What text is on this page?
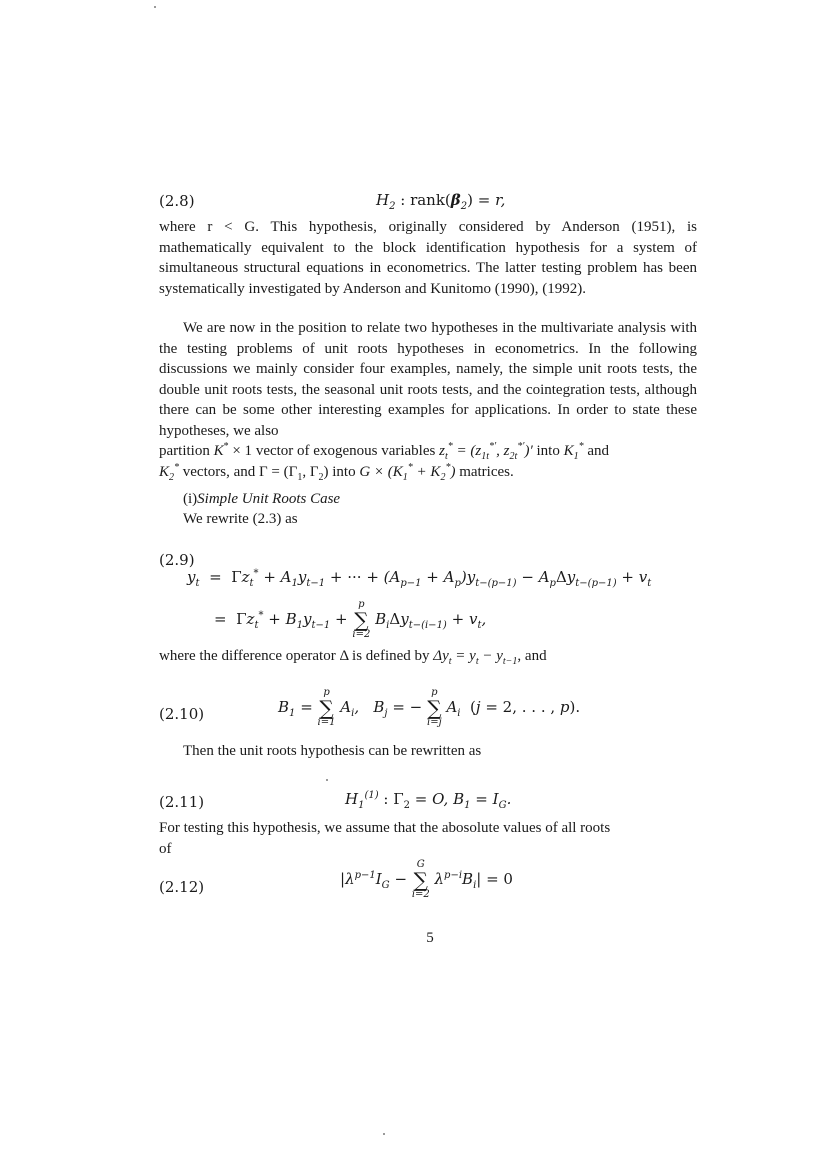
(2.8)	$H_2$ : $rank(\beta_2) = r$,
where r < G. This hypothesis, originally considered by Anderson (1951), is mathematically equivalent to the block identification hypothesis for a system of simultaneous structural equations in econometrics. The latter testing problem has been systematically investigated by Anderson and Kunitomo (1990), (1992).
We are now in the position to relate two hypotheses in the multivariate analysis with the testing problems of unit roots hypotheses in econometrics. In the following discussions we mainly consider four examples, namely, the simple unit roots tests, the double unit roots tests, the seasonal unit roots tests, and the cointegration tests, although there can be some other interesting examples for applications. In order to state these hypotheses, we also
partition K* × 1 vector of exogenous variables $z_t^* = (z_{1t}^{*'}$, $z_{2t}^{*'})'$ into $K_1^*$ and
$K_2^*$ vectors, and $\Gamma = (\Gamma_1$, $\Gamma_2$) into $G \times (K_1^* + K_2^*)$ matrices.
(i)Simple Unit Roots Case
We rewrite (2.3) as
(2.9)
$y_t = \Gamma z_t^* + A_1y_{t-1}$ + ··· + $(A_{p-1} + A_p)y_{t-(p-1)} - A_p\Delta y_{t-(p-1)} + v_t$
= $\Gamma z_t^* + B_1y_{t-1}$ +
p
∑
i=2
$B_i\Delta y_{t-(i-1)} + v_t$,
where the difference operator Δ is defined by $\Delta y_t = y_t - y_{t-1}$, and
(2.10)	$B_1$ =
p
∑
i=1
$A_i$,   $B_j$ = −
p
∑
i=j
$A_i$ (j = 2, . . . , p).
Then the unit roots hypothesis can be rewritten as
(2.11)	$H_1^{(1)}$ : $\Gamma_2 = O$, $B_1 = I_G$.
For testing this hypothesis, we assume that the abosolute values of all roots
of
(2.12)	$|\lambda^{p-1}I_G$ −
G
∑
i=2
$\lambda^{p-i}B_i| = 0$
5
